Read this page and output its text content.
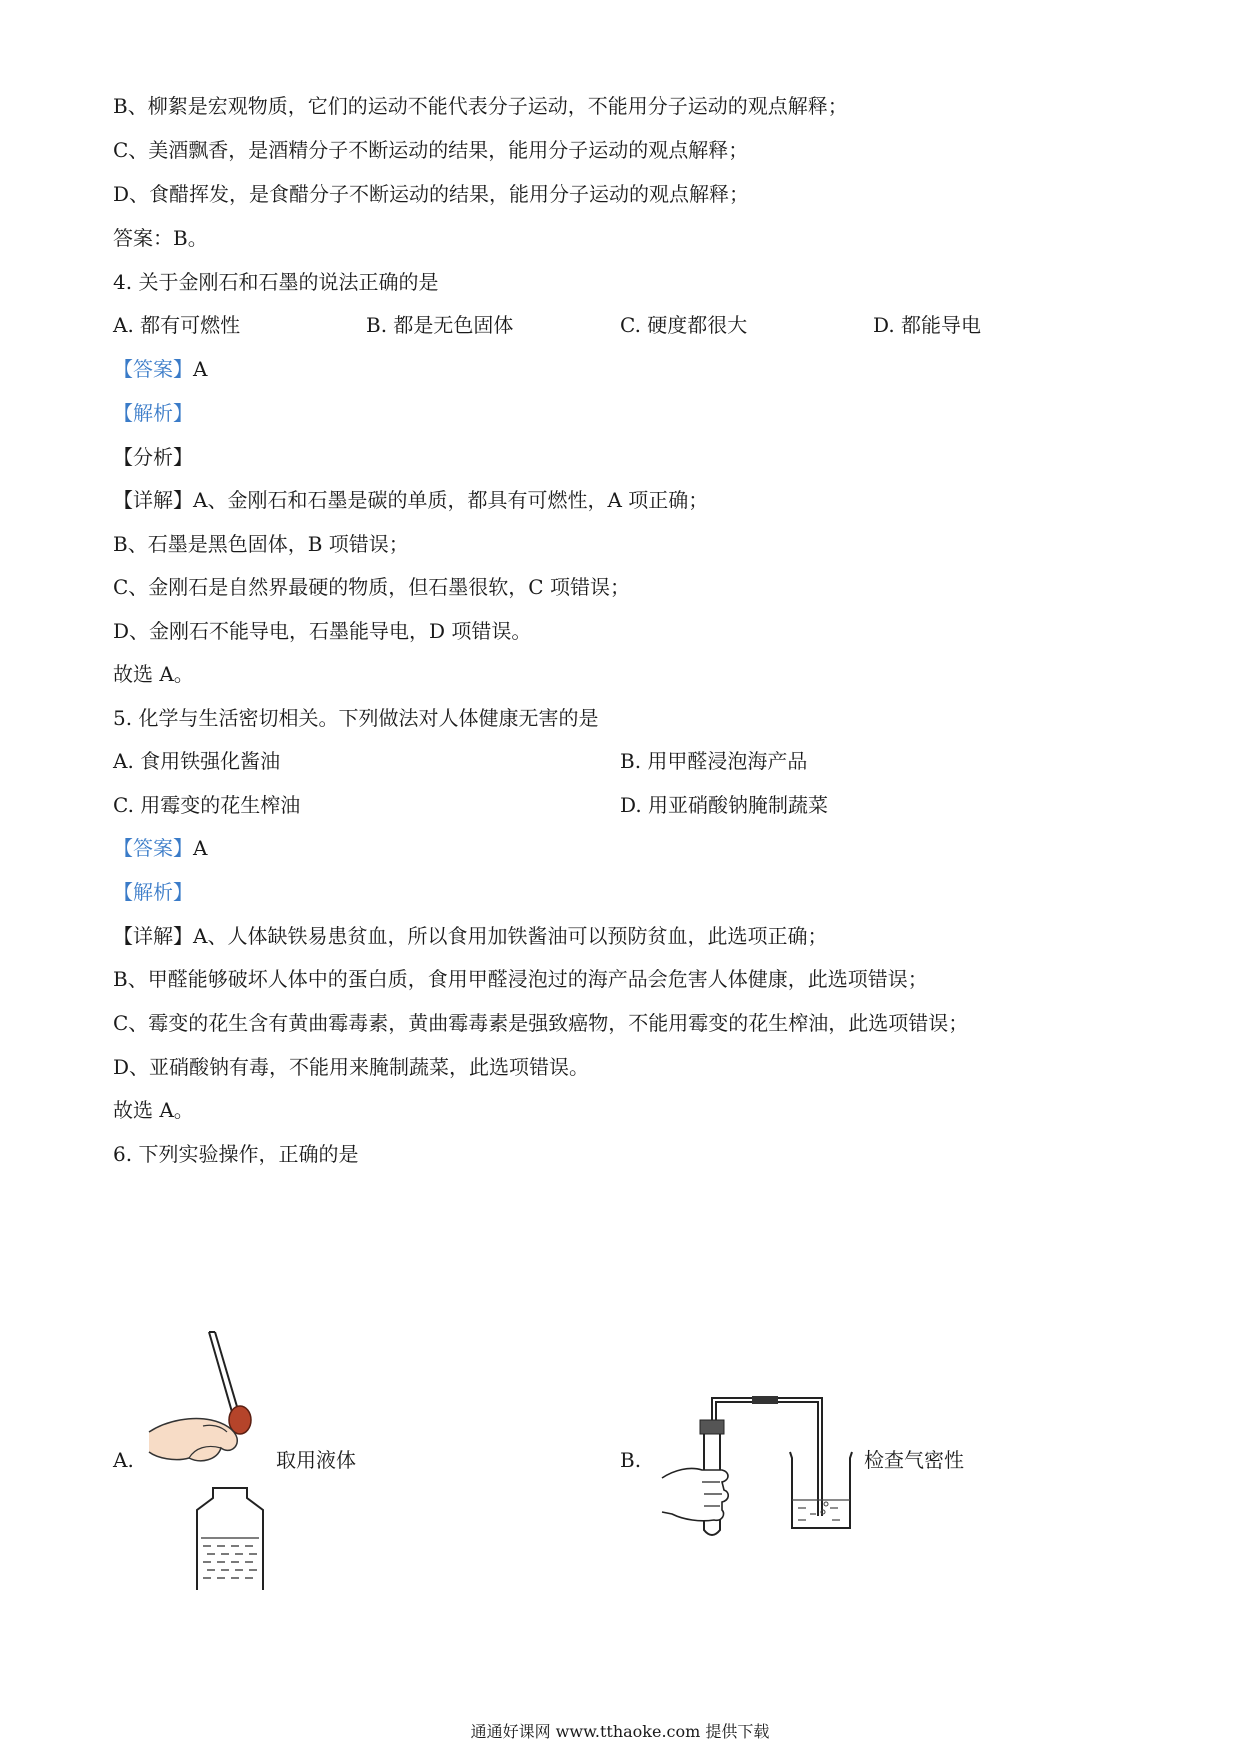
B、柳絮是宏观物质，它们的运动不能代表分子运动，不能用分子运动的观点解释；
C、美酒飘香，是酒精分子不断运动的结果，能用分子运动的观点解释；
D、食醋挥发，是食醋分子不断运动的结果，能用分子运动的观点解释；
答案：B。
4. 关于金刚石和石墨的说法正确的是
A. 都有可燃性	B. 都是无色固体	C. 硬度都很大	D. 都能导电
【答案】A
【解析】
【分析】
【详解】A、金刚石和石墨是碳的单质，都具有可燃性，A 项正确；
B、石墨是黑色固体，B 项错误；
C、金刚石是自然界最硬的物质，但石墨很软，C 项错误；
D、金刚石不能导电，石墨能导电，D 项错误。
故选 A。
5. 化学与生活密切相关。下列做法对人体健康无害的是
A. 食用铁强化酱油	B. 用甲醛浸泡海产品
C. 用霉变的花生榨油	D. 用亚硝酸钠腌制蔬菜
【答案】A
【解析】
【详解】A、人体缺铁易患贫血，所以食用加铁酱油可以预防贫血，此选项正确；
B、甲醛能够破坏人体中的蛋白质，食用甲醛浸泡过的海产品会危害人体健康，此选项错误；
C、霉变的花生含有黄曲霉毒素，黄曲霉毒素是强致癌物，不能用霉变的花生榨油，此选项错误；
D、亚硝酸钠有毒，不能用来腌制蔬菜，此选项错误。
故选 A。
6. 下列实验操作，正确的是
A.	取用液体	B.	检查气密性
通通好课网 www.tthaoke.com 提供下载
